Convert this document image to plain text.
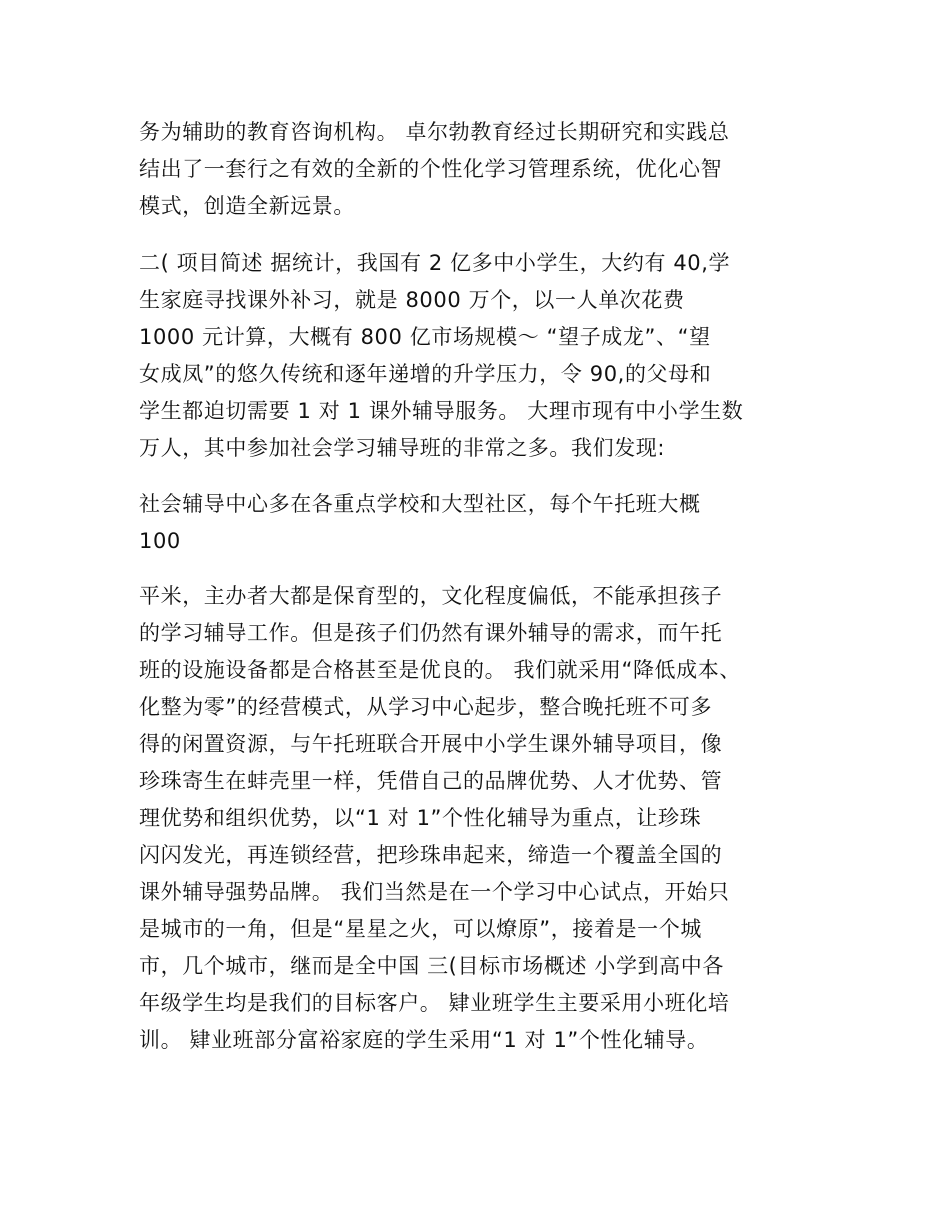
务为辅助的教育咨询机构。 卓尔勃教育经过长期研究和实践总
结出了一套行之有效的全新的个性化学习管理系统，优化心智
模式，创造全新远景。
二( 项目简述 据统计，我国有 2 亿多中小学生，大约有 40,学
生家庭寻找课外补习，就是 8000 万个，以一人单次花费
1000 元计算，大概有 800 亿市场规模～ “望子成龙”、“望
女成凤”的悠久传统和逐年递增的升学压力，令 90,的父母和
学生都迫切需要 1 对 1 课外辅导服务。 大理市现有中小学生数
万人，其中参加社会学习辅导班的非常之多。我们发现:
社会辅导中心多在各重点学校和大型社区，每个午托班大概
100
平米，主办者大都是保育型的，文化程度偏低，不能承担孩子
的学习辅导工作。但是孩子们仍然有课外辅导的需求，而午托
班的设施设备都是合格甚至是优良的。 我们就采用“降低成本、
化整为零”的经营模式，从学习中心起步，整合晚托班不可多
得的闲置资源，与午托班联合开展中小学生课外辅导项目，像
珍珠寄生在蚌壳里一样，凭借自己的品牌优势、人才优势、管
理优势和组织优势，以“1 对 1”个性化辅导为重点，让珍珠
闪闪发光，再连锁经营，把珍珠串起来，缔造一个覆盖全国的
课外辅导强势品牌。 我们当然是在一个学习中心试点，开始只
是城市的一角，但是“星星之火，可以燎原”，接着是一个城
市，几个城市，继而是全中国 三(目标市场概述 小学到高中各
年级学生均是我们的目标客户。 肄业班学生主要采用小班化培
训。 肄业班部分富裕家庭的学生采用“1 对 1”个性化辅导。
